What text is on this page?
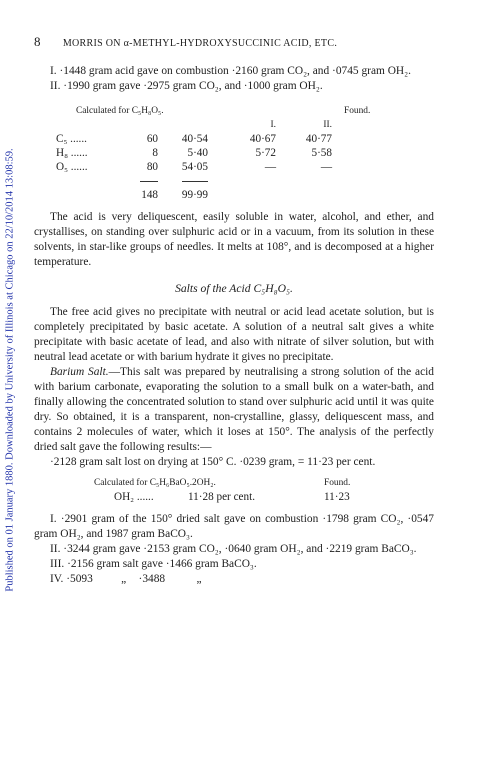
Published on 01 January 1880. Downloaded by University of Illinois at Chicago on 22/10/2014 13:08:59.
8 MORRIS ON α-METHYL-HYDROXYSUCCINIC ACID, ETC.

I. ·1448 gram acid gave on combustion ·2160 gram CO₂, and ·0745 gram OH₂.

II. ·1990 gram gave ·2975 gram CO₂, and ·1000 gram OH₂.

Calculated for C₅H₈O₅.	Found.
I.	II.
C₅ ......	60	40·54	40·67	40·77
H₈ ......	8	5·40	5·72	5·58
O₅ ......	80	54·05	—	—
148	99·99

The acid is very deliquescent, easily soluble in water, alcohol, and ether, and crystallises, on standing over sulphuric acid or in a vacuum, from its solution in these solvents, in star-like groups of needles. It melts at 108°, and is decomposed at a higher temperature.

Salts of the Acid C₅H₈O₅.

The free acid gives no precipitate with neutral or acid lead acetate solution, but is completely precipitated by basic acetate. A solution of a neutral salt gives a white precipitate with basic acetate of lead, and also with nitrate of silver solution, but with neutral lead acetate or with barium hydrate it gives no precipitate.

Barium Salt.—This salt was prepared by neutralising a strong solution of the acid with barium carbonate, evaporating the solution to a small bulk on a water-bath, and finally allowing the concentrated solution to stand over sulphuric acid until it was quite dry. So obtained, it is a transparent, non-crystalline, glassy, deliquescent mass, and contains 2 molecules of water, which it loses at 150°. The analysis of the perfectly dried salt gave the following results:—

·2128 gram salt lost on drying at 150° C. ·0239 gram, = 11·23 per cent.

Calculated for C₅H₆BaO₅.2OH₂.	Found.
OH₂ ......	11·28 per cent.	11·23

I. ·2901 gram of the 150° dried salt gave on combustion ·1798 gram CO₂, ·0547 gram OH₂, and 1987 gram BaCO₃.

II. ·3244 gram gave ·2153 gram CO₂, ·0640 gram OH₂, and ·2219 gram BaCO₃.

III. ·2156 gram salt gave ·1466 gram BaCO₃.

IV. ·5093 „ ·3488	„
